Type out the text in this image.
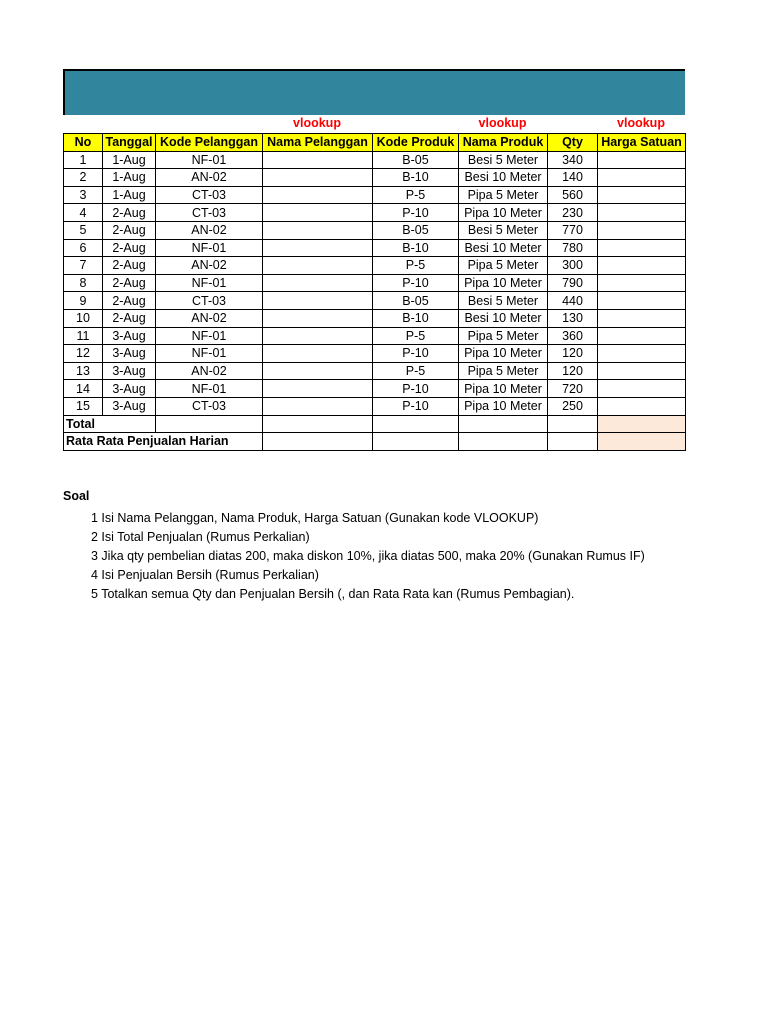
vlookup	vlookup	vlookup
No	Tanggal	Kode Pelanggan	Nama Pelanggan	Kode Produk	Nama Produk	Qty	Harga Satuan
1	1-Aug	NF-01		B-05	Besi 5 Meter	340	
2	1-Aug	AN-02		B-10	Besi 10 Meter	140	
3	1-Aug	CT-03		P-5	Pipa 5 Meter	560	
4	2-Aug	CT-03		P-10	Pipa 10 Meter	230	
5	2-Aug	AN-02		B-05	Besi 5 Meter	770	
6	2-Aug	NF-01		B-10	Besi 10 Meter	780	
7	2-Aug	AN-02		P-5	Pipa 5 Meter	300	
8	2-Aug	NF-01		P-10	Pipa 10 Meter	790	
9	2-Aug	CT-03		B-05	Besi 5 Meter	440	
10	2-Aug	AN-02		B-10	Besi 10 Meter	130	
11	3-Aug	NF-01		P-5	Pipa 5 Meter	360	
12	3-Aug	NF-01		P-10	Pipa 10 Meter	120	
13	3-Aug	AN-02		P-5	Pipa 5 Meter	120	
14	3-Aug	NF-01		P-10	Pipa 10 Meter	720	
15	3-Aug	CT-03		P-10	Pipa 10 Meter	250	
Total							
Rata Rata Penjualan Harian							
Soal
1 Isi Nama Pelanggan, Nama Produk, Harga Satuan (Gunakan kode VLOOKUP)
2 Isi Total Penjualan (Rumus Perkalian)
3 Jika qty pembelian diatas 200, maka diskon 10%, jika diatas 500, maka 20% (Gunakan Rumus IF)
4 Isi Penjualan Bersih (Rumus Perkalian)
5 Totalkan semua Qty dan Penjualan Bersih (, dan Rata Rata kan (Rumus Pembagian).
